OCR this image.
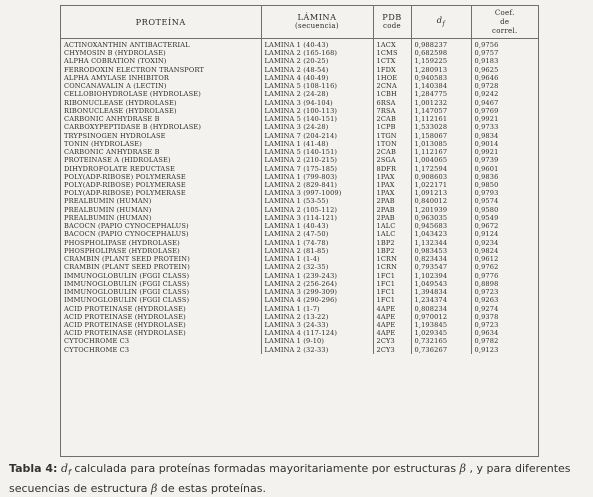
PROTEÍNA	LÁMINA
(secuencia)	PDB
code	$d_f$	Coef.
de
correl.

ACTINOXANTHIN ANTIBACTERIAL	LAMINA 1 (40-43)	1ACX	0,988237	0,9756
CHYMOSIN B (HYDROLASE)	LAMINA 2 (165-168)	1CMS	0,682598	0,9757
ALPHA COBRATION (TOXIN)	LAMINA 2 (20-25)	1CTX	1,159225	0,9183
FERRODOXIN ELECTRON TRANSPORT	LAMINA 2 (48-54)	1FDX	1,280913	0,9625
ALPHA AMYLASE INHIBITOR	LAMINA 4 (40-49)	1HOE	0,940583	0,9646
CONCANAVALIN A (LECTIN)	LAMINA 5 (108-116)	2CNA	1,140384	0,9728
CELLOBIOHYDROLASE (HYDROLASE)	LAMINA 2 (24-28)	1CBH	1,284775	0,9242
RIBONUCLEASE (HYDROLASE)	LAMINA 3 (94-104)	6RSA	1,001232	0,9467
RIBONUCLEASE (HYDROLASE)	LAMINA 2 (100-113)	7RSA	1,147057	0,9769
CARBONIC ANHYDRASE B	LAMINA 5 (140-151)	2CAB	1,112161	0,9921
CARBOXYPEPTIDASE B (HYDROLASE)	LAMINA 3 (24-28)	1CPB	1,533028	0,9733
TRYPSINOGEN HYDROLASE	LAMINA 7 (204-214)	1TGN	1,158067	0,9834
TONIN (HYDROLASE)	LAMINA 1 (41-48)	1TON	1,013085	0,9014
CARBONIC ANHYDRASE B	LAMINA 5 (140-151)	2CAB	1,112167	0,9921
PROTEINASE A (HIDROLASE)	LAMINA 2 (210-215)	2SGA	1,004065	0,9739
DIHYDROFOLATE REDUCTASE	LAMINA 7 (175-185)	8DFR	1,172594	0,9601
POLY(ADP-RIBOSE) POLYMERASE	LAMINA 1 (799-803)	1PAX	0,908603	0,9836
POLY(ADP-RIBOSE) POLYMERASE	LAMINA 2 (829-841)	1PAX	1,022171	0,9850
POLY(ADP-RIBOSE) POLYMERASE	LAMINA 3 (997-1009)	1PAX	1,091213	0,9793
PREALBUMIN (HUMAN)	LAMINA 1 (53-55)	2PAB	0,840012	0,9574
PREALBUMIN (HUMAN)	LAMINA 2 (105-112)	2PAB	1,201939	0,9580
PREALBUMIN (HUMAN)	LAMINA 3 (114-121)	2PAB	0,963035	0,9549
BACOCN (PAPIO CYNOCEPHALUS)	LAMINA 1 (40-43)	1ALC	0,945683	0,9672
BACOCN (PAPIO CYNOCEPHALUS)	LAMINA 2 (47-50)	1ALC	1,043423	0,9124
PHOSPHOLIPASE (HYDROLASE)	LAMINA 1 (74-78)	1BP2	1,132344	0,9234
PHOSPHOLIPASE (HYDROLASE)	LAMINA 2 (81-85)	1BP2	0,983453	0,9824
CRAMBIN (PLANT SEED PROTEIN)	LAMINA 1 (1-4)	1CRN	0,823434	0,9612
CRAMBIN (PLANT SEED PROTEIN)	LAMINA 2 (32-35)	1CRN	0,793547	0,9762
IMMUNOGLOBULIN (FGGI CLASS)	LAMINA 1 (239-243)	1FC1	1,102394	0,9776
IMMUNOGLOBULIN (FGGI CLASS)	LAMINA 2 (256-264)	1FC1	1,049543	0,8898
IMMUNOGLOBULIN (FGGI CLASS)	LAMINA 3 (299-309)	1FC1	1,394834	0,9723
IMMUNOGLOBULIN (FGGI CLASS)	LAMINA 4 (290-296)	1FC1	1,234374	0,9263
ACID PROTEINASE (HYDROLASE)	LAMINA 1 (1-7)	4APE	0,808234	0,9274
ACID PROTEINASE (HYDROLASE)	LAMINA 2 (13-22)	4APE	0,970012	0,9378
ACID PROTEINASE (HYDROLASE)	LAMINA 3 (24-33)	4APE	1,193845	0,9723
ACID PROTEINASE (HYDROLASE)	LAMINA 4 (117-124)	4APE	1,029345	0,9634
CYTOCHROME C3	LAMINA 1 (9-10)	2CY3	0,732165	0,9782
CYTOCHROME C3	LAMINA 2 (32-33)	2CY3	0,736267	0,9123
Tabla 4: $d_f$ calculada para proteínas formadas mayoritariamente por estructuras β , y para diferentes secuencias de estructura β de estas proteínas.
